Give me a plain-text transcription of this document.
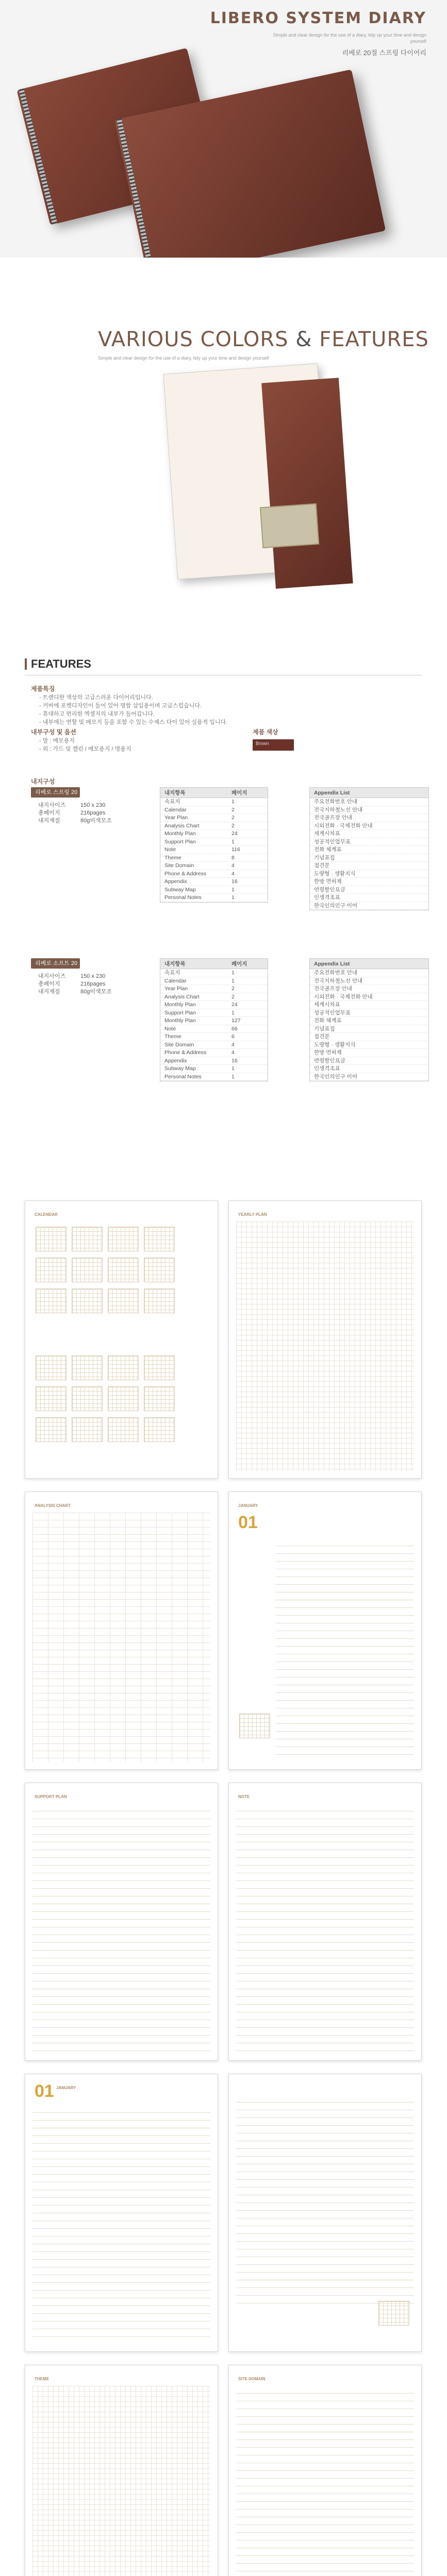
LIBERO SYSTEM DIARY
Simple and clear design for the use of a diary, tidy up your time and design yourself
리베로 20절 스프링 다이어리
VARIOUS COLORS & FEATURES
Simple and clear design for the use of a diary, tidy up your time and design yourself
FEATURES
제품특징
- 트렌디한 색상의 고급스러운 다이어리입니다.
- 커버에 포켓디자인이 들어 있어 명함 삽입용이며 고급스럽습니다.
- 휴대하고 편리한 엑셀지의 내부가 들어갑니다.
- 내부에는 연할 및 메모지 등을 포함 수 있는 수제스 다이 있어 실용적 입니다.
내부구성 및 옵션
- 말 : 메모용지
- 외 : 가드 및 캘린 / 메모용지 / 명용지
제품 색상
Brown
내지구성
리베로 스프링 20절
내지사이즈	150 x 230
총페이지	216pages
내지재질	80g미색모조
내지항목	페이지
속표지	1
Calendar	2
Year Plan	2
Analysis Chart	2
Monthly Plan	24
Support Plan	1
Note	116
Theme	8
Site Domain	4
Phone & Address	4
Appendix	16
Subway Map	1
Personal Notes	1
Appendix List
주요전화번호 안내
전국지하철노선 안내
전국골프장 안내
시외전화 · 국제전화 안내
세계시차표
성공적인업무표
전화 체계표
기념표집
접견문
도량형 · 생활지식
한방 면허제
연령할인요금
인생격조표
한국인의인구 이어
리베로 소프트 20절
내지사이즈	150 x 230
총페이지	216pages
내지재질	80g미색모조
내지항목	페이지
속표지	1
Calendar	1
Year Plan	2
Analysis Chart	2
Monthly Plan	24
Support Plan	1
Monthly Plan	127
Note	66
Theme	6
Site Domain	4
Phone & Address	4
Appendix	16
Subway Map	1
Personal Notes	1
Appendix List
주요전화번호 안내
전국지하철노선 안내
전국골프장 안내
시외전화 · 국제전화 안내
세계시차표
성공적인업무표
전화 체계표
기념표집
접견문
도량형 · 생활지식
한방 면허제
연령할인요금
인생격조표
한국인의인구 이어
CALENDAR	YEARLY PLAN
ANALYSIS CHART	JANUARY
01
SUPPORT PLAN	NOTE
JANUARY
01
THEME	SITE DOMAIN
